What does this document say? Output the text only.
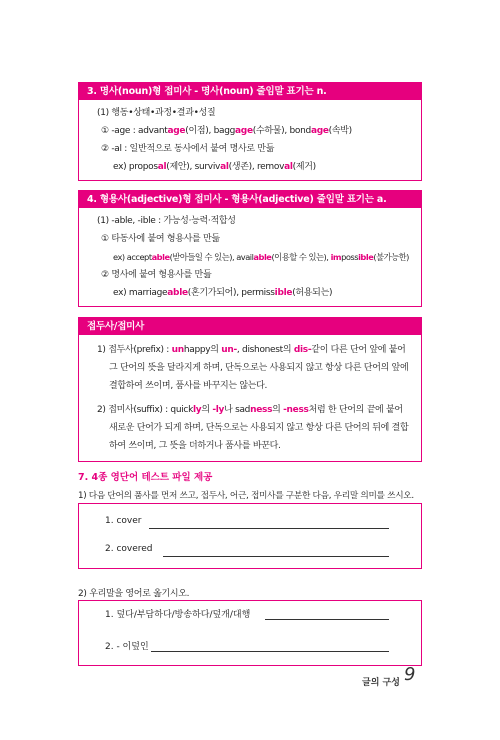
3. 명사(noun)형 접미사 - 명사(noun) 줄임말 표기는 n.
(1) 행동•상태•과정•결과•성질
① -age : advantage(이점), baggage(수하물), bondage(속박)
② -al : 일반적으로 동사에서 붙여 명사로 만듦
ex) proposal(제안), survival(생존), removal(제거)
4. 형용사(adjective)형 접미사 - 형용사(adjective) 줄임말 표기는 a.
(1) -able, -ible : 가능성·능력·적합성
① 타동사에 붙여 형용사를 만듦
ex) acceptable(받아들일 수 있는), available(이용할 수 있는), impossible(불가능한)
② 명사에 붙여 형용사를 만듦
ex) marriageable(혼기가되어), permissible(허용되는)
접두사/접미사
1) 접두사(prefix) : unhappy의 un-, dishonest의 dis-같이 다른 단어 앞에 붙어 그 단어의 뜻을 달라지게 하며, 단독으로는 사용되지 않고 항상 다른 단어의 앞에 결합하여 쓰이며, 품사를 바꾸지는 않는다.
2) 접미사(suffix) : quickly의 -ly나 sadness의 -ness처럼 한 단어의 끝에 붙어 새로운 단어가 되게 하며, 단독으로는 사용되지 않고 항상 다른 단어의 뒤에 결합하여 쓰이며, 그 뜻을 더하거나 품사를 바꾼다.
7. 4종 영단어 테스트 파일 제공
1) 다음 단어의 품사를 먼저 쓰고, 접두사, 어근, 접미사를 구분한 다음, 우리말 의미를 쓰시오.
1. cover
2. covered
2) 우리말을 영어로 옮기시오.
1. 덮다/부담하다/방송하다/덮개/대행
2. - 이덮인
글의 구성 9
